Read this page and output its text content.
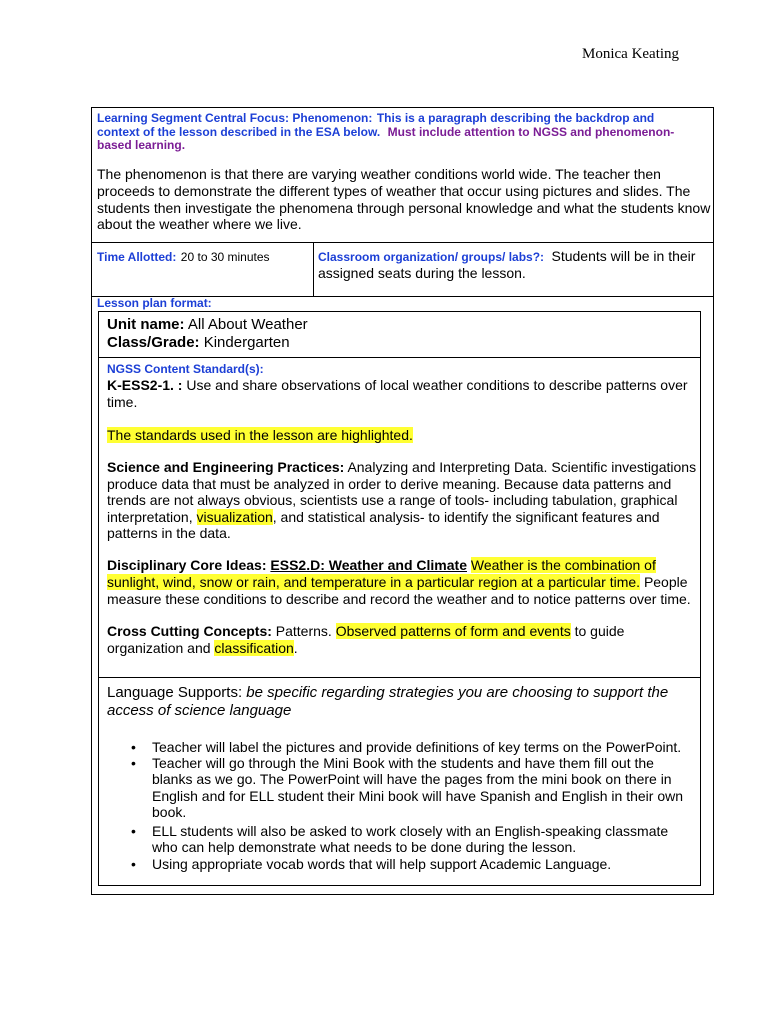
Monica Keating
Learning Segment Central Focus: Phenomenon: This is a paragraph describing the backdrop and
context of the lesson described in the ESA below. Must include attention to NGSS and phenomenon-
based learning.
The phenomenon is that there are varying weather conditions world wide. The teacher then
proceeds to demonstrate the different types of weather that occur using pictures and slides. The
students then investigate the phenomena through personal knowledge and what the students know
about the weather where we live.
Time Allotted: 20 to 30 minutes	Classroom organization/ groups/ labs?: Students will be in their
assigned seats during the lesson.
Lesson plan format:
Unit name: All About Weather
Class/Grade: Kindergarten
NGSS Content Standard(s):
K-ESS2-1. : Use and share observations of local weather conditions to describe patterns over
time.
The standards used in the lesson are highlighted.
Science and Engineering Practices: Analyzing and Interpreting Data. Scientific investigations
produce data that must be analyzed in order to derive meaning. Because data patterns and
trends are not always obvious, scientists use a range of tools- including tabulation, graphical
interpretation, visualization, and statistical analysis- to identify the significant features and
patterns in the data.
Disciplinary Core Ideas: ESS2.D: Weather and Climate Weather is the combination of
sunlight, wind, snow or rain, and temperature in a particular region at a particular time. People
measure these conditions to describe and record the weather and to notice patterns over time.
Cross Cutting Concepts: Patterns. Observed patterns of form and events to guide
organization and classification.
Language Supports: be specific regarding strategies you are choosing to support the
access of science language
• Teacher will label the pictures and provide definitions of key terms on the PowerPoint.
• Teacher will go through the Mini Book with the students and have them fill out the
blanks as we go. The PowerPoint will have the pages from the mini book on there in
English and for ELL student their Mini book will have Spanish and English in their own
book.
• ELL students will also be asked to work closely with an English-speaking classmate
who can help demonstrate what needs to be done during the lesson.
• Using appropriate vocab words that will help support Academic Language.
